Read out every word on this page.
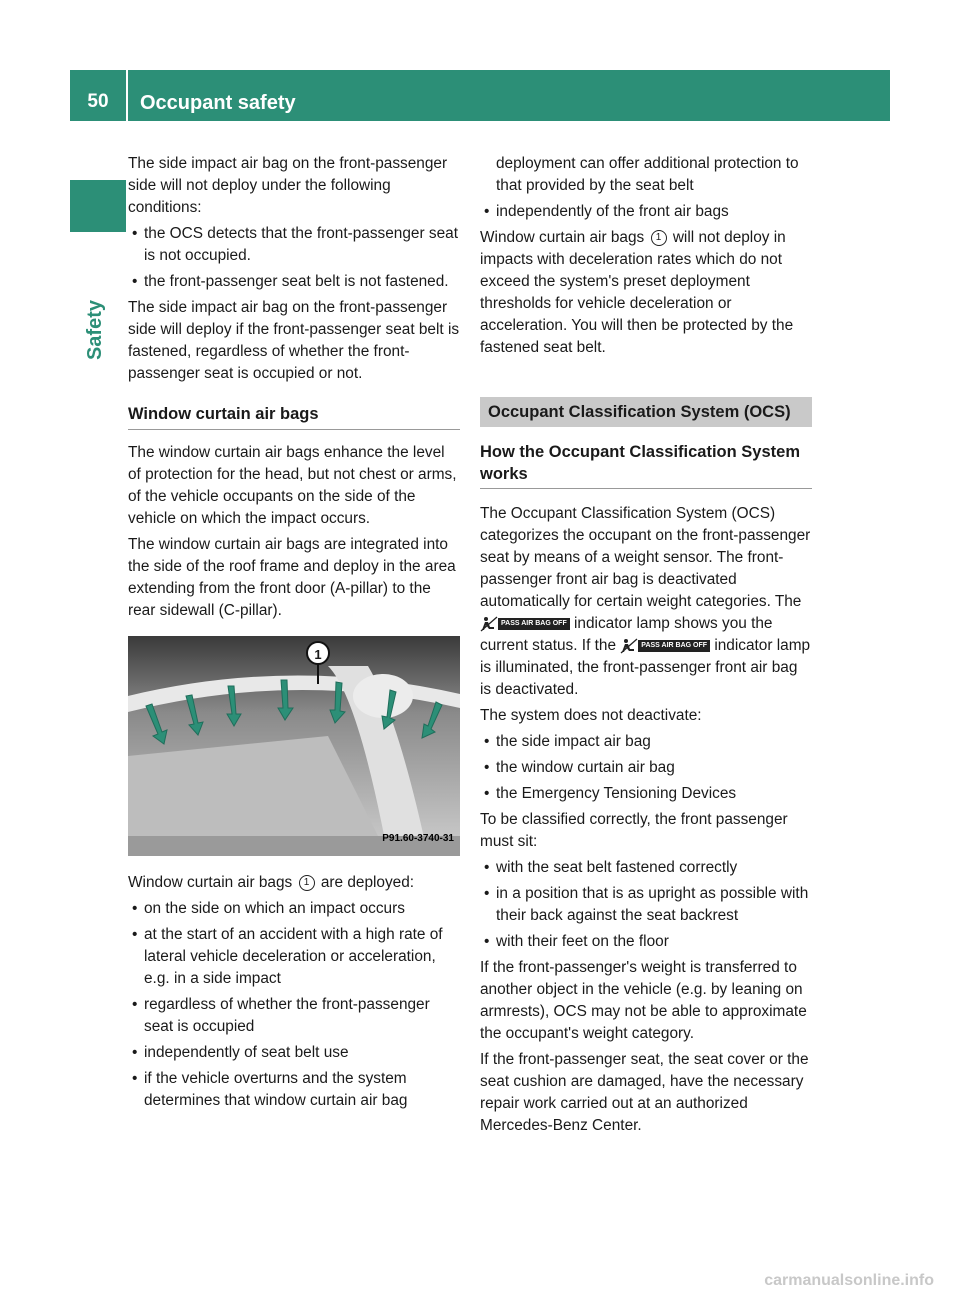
50 Occupant safety
Safety

The side impact air bag on the front-passenger side will not deploy under the following conditions:

• the OCS detects that the front-passenger seat is not occupied.
• the front-passenger seat belt is not fastened.

The side impact air bag on the front-passenger side will deploy if the front-passenger seat belt is fastened, regardless of whether the front-passenger seat is occupied or not.

Window curtain air bags

The window curtain air bags enhance the level of protection for the head, but not chest or arms, of the vehicle occupants on the side of the vehicle on which the impact occurs.

The window curtain air bags are integrated into the side of the roof frame and deploy in the area extending from the front door (A-pillar) to the rear sidewall (C-pillar).

1
P91.60-3740-31

Window curtain air bags 1 are deployed:

• on the side on which an impact occurs
• at the start of an accident with a high rate of lateral vehicle deceleration or acceleration, e.g. in a side impact
• regardless of whether the front-passenger seat is occupied
• independently of seat belt use
• if the vehicle overturns and the system determines that window curtain air bag
deployment can offer additional protection to that provided by the seat belt
• independently of the front air bags

Window curtain air bags 1 will not deploy in impacts with deceleration rates which do not exceed the system's preset deployment thresholds for vehicle deceleration or acceleration. You will then be protected by the fastened seat belt.

Occupant Classification System (OCS)
How the Occupant Classification System works

The Occupant Classification System (OCS) categorizes the occupant on the front-passenger seat by means of a weight sensor. The front-passenger front air bag is deactivated automatically for certain weight categories. The PASS AIR BAG OFF indicator lamp shows you the current status. If the	PASS AIR BAG OFF indicator lamp is illuminated, the front-passenger front air bag is deactivated.

The system does not deactivate:

• the side impact air bag
• the window curtain air bag
• the Emergency Tensioning Devices

To be classified correctly, the front passenger must sit:

• with the seat belt fastened correctly
• in a position that is as upright as possible with their back against the seat backrest
• with their feet on the floor

If the front-passenger's weight is transferred to another object in the vehicle (e.g. by leaning on armrests), OCS may not be able to approximate the occupant's weight category.

If the front-passenger seat, the seat cover or the seat cushion are damaged, have the necessary repair work carried out at an authorized Mercedes-Benz Center.

carmanualsonline.info
